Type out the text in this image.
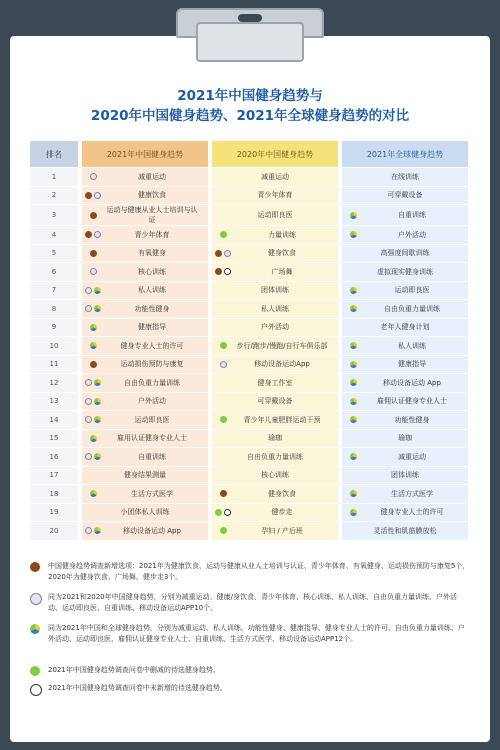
2021年中国健身趋势与
2020年中国健身趋势、2021年全球健身趋势的对比
排名	2021年中国健身趋势	2020年中国健身趋势	2021年全球健身趋势
1	减重运动	减重运动	在线训练

2	健康饮食	青少年体育	可穿戴设备

3	运动与健康从业人士培训与认证	运动即良医	自重训练

4	青少年体育	力量训练	户外活动

5	有氧健身	健身饮食	高强度间歇训练

6	核心训练	广场舞	虚拟现实健身训练

7	私人训练	团体训练	运动即良医

8	功能性健身	私人训练	自由负重力量训练

9	健康指导	户外活动	老年人健身计划

10	健身专业人士的许可	步行/跑步/慢跑/自行车俱乐部	私人训练

11	运动损伤预防与康复	移动设备运动App	健康指导

12	自由负重力量训练	健身工作室	移动设备运动 App

13	户外活动	可穿戴设备	雇佣认证健身专业人士

14	运动即良医	青少年儿童肥胖运动干预	功能性健身

15	雇用认证健身专业人士	瑜珈	瑜珈

16	自重训练	自由负重力量训练	减重运动

17	健身结果测量	核心训练	团体训练

18	生活方式医学	健身饮食	生活方式医学

19	小团体私人训练	健步走	健身专业人士的许可

20	移动设备运动 App	孕妇 / 产后班	灵活性和肌筋膜放松
中国健身趋势调查新增选项：2021年为健康饮食、运动与健康从业人士培训与认证、青少年体育、有氧健身、运动损伤预防与康复5个，2020年为健身饮食、广场舞、健步走3个。
同为2021和2020年中国健身趋势，分别为减重运动、健康/身饮食、青少年体育、核心训练、私人训练、自由负重力量训练、户外活动、运动即良医、自重训练、移动设备运动APP10个。
同为2021年中国和全球健身趋势，分别为减重运动、私人训练、功能性健身、健康指导、健身专业人士的许可、自由负重力量训练、户外活动、运动即良医、雇佣认证健身专业人士、自重训练、生活方式医学、移动设备运动APP12个。
2021年中国健身趋势调查问卷中删减的待选健身趋势。
2021年中国健身趋势调查问卷中未新增的待选健身趋势。
